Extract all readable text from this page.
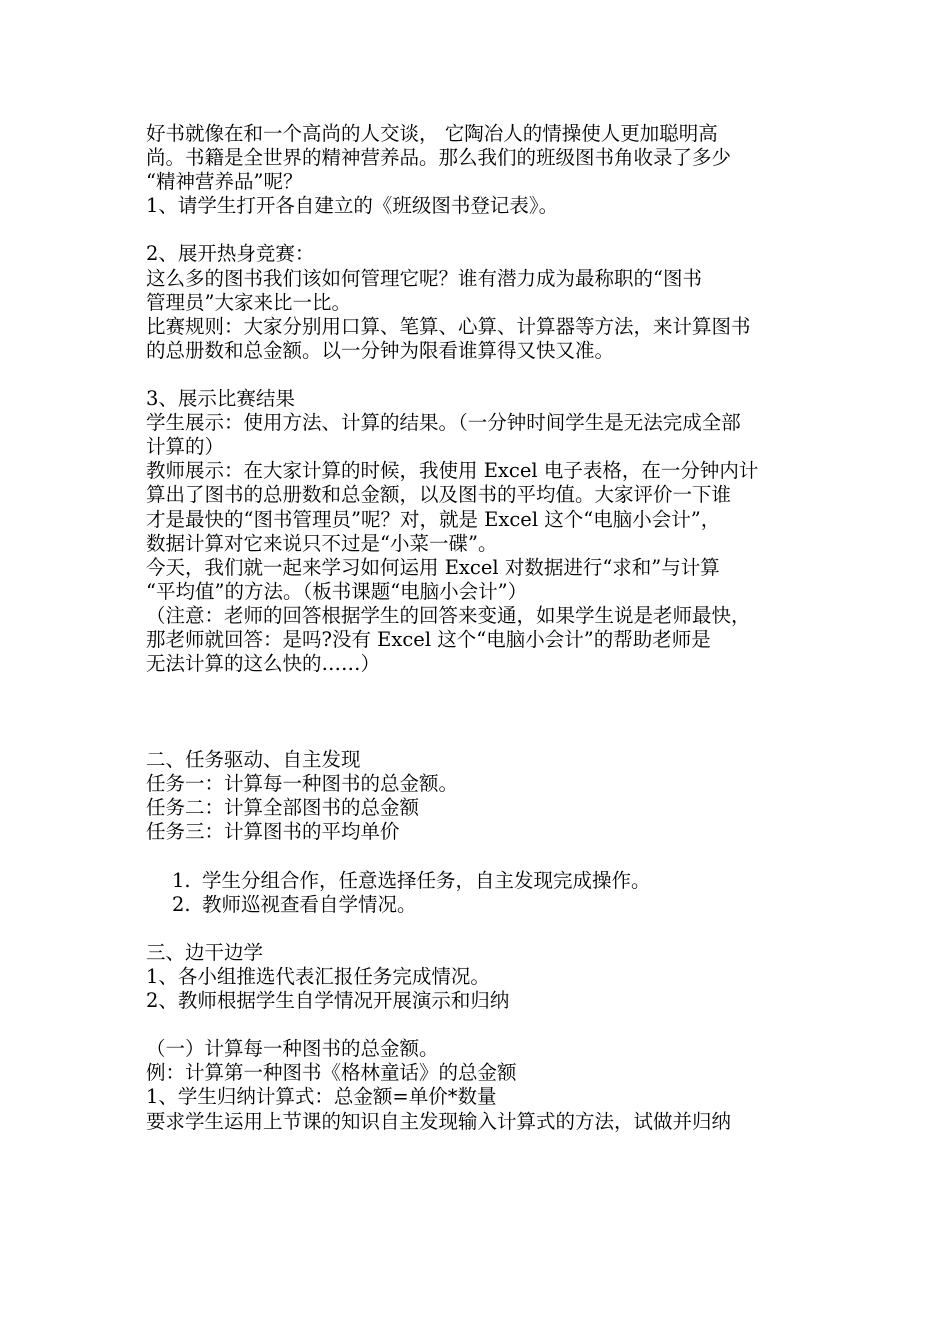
好书就像在和一个高尚的人交谈， 它陶冶人的情操使人更加聪明高

尚。书籍是全世界的精神营养品。那么我们的班级图书角收录了多少

“精神营养品”呢？

1、请学生打开各自建立的《班级图书登记表》。

2、展开热身竞赛：

这么多的图书我们该如何管理它呢？谁有潜力成为最称职的“图书

管理员”大家来比一比。

比赛规则：大家分别用口算、笔算、心算、计算器等方法，来计算图书

的总册数和总金额。以一分钟为限看谁算得又快又准。

3、展示比赛结果

学生展示：使用方法、计算的结果。（一分钟时间学生是无法完成全部

计算的）

教师展示：在大家计算的时候，我使用 Excel 电子表格，在一分钟内计

算出了图书的总册数和总金额，以及图书的平均值。大家评价一下谁

才是最快的“图书管理员”呢？对，就是 Excel 这个“电脑小会计”，

数据计算对它来说只不过是“小菜一碟”。

今天，我们就一起来学习如何运用 Excel 对数据进行“求和”与计算

“平均值”的方法。（板书课题“电脑小会计”）

（注意：老师的回答根据学生的回答来变通，如果学生说是老师最快，

那老师就回答：是吗?没有 Excel 这个“电脑小会计”的帮助老师是

无法计算的这么快的……）

二、任务驱动、自主发现

任务一：计算每一种图书的总金额。

任务二：计算全部图书的总金额

任务三：计算图书的平均单价

1. 学生分组合作，任意选择任务，自主发现完成操作。
2. 教师巡视查看自学情况。

三、边干边学

1、各小组推选代表汇报任务完成情况。

2、教师根据学生自学情况开展演示和归纳

（一）计算每一种图书的总金额。

例：计算第一种图书《格林童话》的总金额

1、学生归纳计算式：总金额=单价*数量

要求学生运用上节课的知识自主发现输入计算式的方法，试做并归纳
